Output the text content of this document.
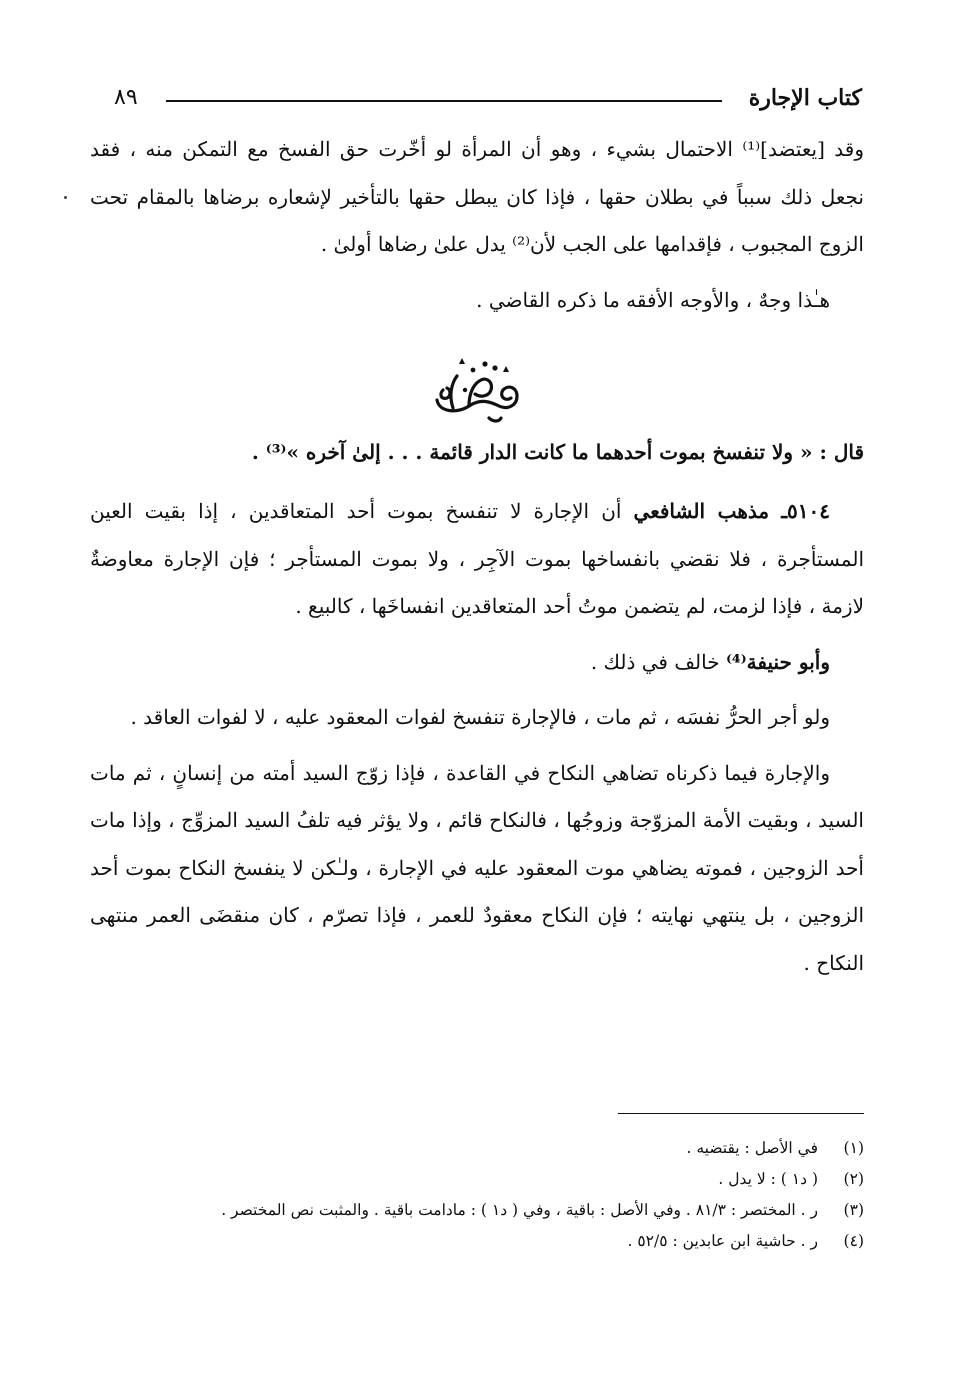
كتاب الإجارة
٨٩

وقد [يعتضد]⁽¹⁾ الاحتمال بشيء ، وهو أن المرأة لو أخّرت حق الفسخ مع التمكن منه ، فقد نجعل ذلك سبباً في بطلان حقها ، فإذا كان يبطل حقها بالتأخير لإشعاره برضاها بالمقام تحت الزوج المجبوب ، فإقدامها على الجب لأن⁽²⁾ يدل علىٰ رضاها أولىٰ .

هـٰذا وجهٌ ، والأوجه الأفقه ما ذكره القاضي .

قال : « ولا تنفسخ بموت أحدهما ما كانت الدار قائمة . . . إلىٰ آخره »⁽³⁾ .

٥١٠٤ـ مذهب الشافعي أن الإجارة لا تنفسخ بموت أحد المتعاقدين ، إذا بقيت العين المستأجرة ، فلا نقضي بانفساخها بموت الآجِر ، ولا بموت المستأجر ؛ فإن الإجارة معاوضةٌ لازمة ، فإذا لزمت، لم يتضمن موتُ أحد المتعاقدين انفساخَها ، كالبيع .

وأبو حنيفة⁽⁴⁾ خالف في ذلك .

ولو أجر الحرُّ نفسَه ، ثم مات ، فالإجارة تنفسخ لفوات المعقود عليه ، لا لفوات العاقد .

والإجارة فيما ذكرناه تضاهي النكاح في القاعدة ، فإذا زوّج السيد أمته من إنسانٍ ، ثم مات السيد ، وبقيت الأمة المزوّجة وزوجُها ، فالنكاح قائم ، ولا يؤثر فيه تلفُ السيد المزوِّج ، وإذا مات أحد الزوجين ، فموته يضاهي موت المعقود عليه في الإجارة ، ولـٰكن لا ينفسخ النكاح بموت أحد الزوجين ، بل ينتهي نهايته ؛ فإن النكاح معقودٌ للعمر ، فإذا تصرّم ، كان منقضَى العمر منتهى النكاح .

(١)
في الأصل : يقتضيه .
(٢)
( د١ ) : لا يدل .
(٣)
ر . المختصر : ٨١/٣ . وفي الأصل : باقية ، وفي ( د١ ) : مادامت باقية . والمثبت نص المختصر .
(٤)
ر . حاشية ابن عابدين : ٥٢/٥ .
